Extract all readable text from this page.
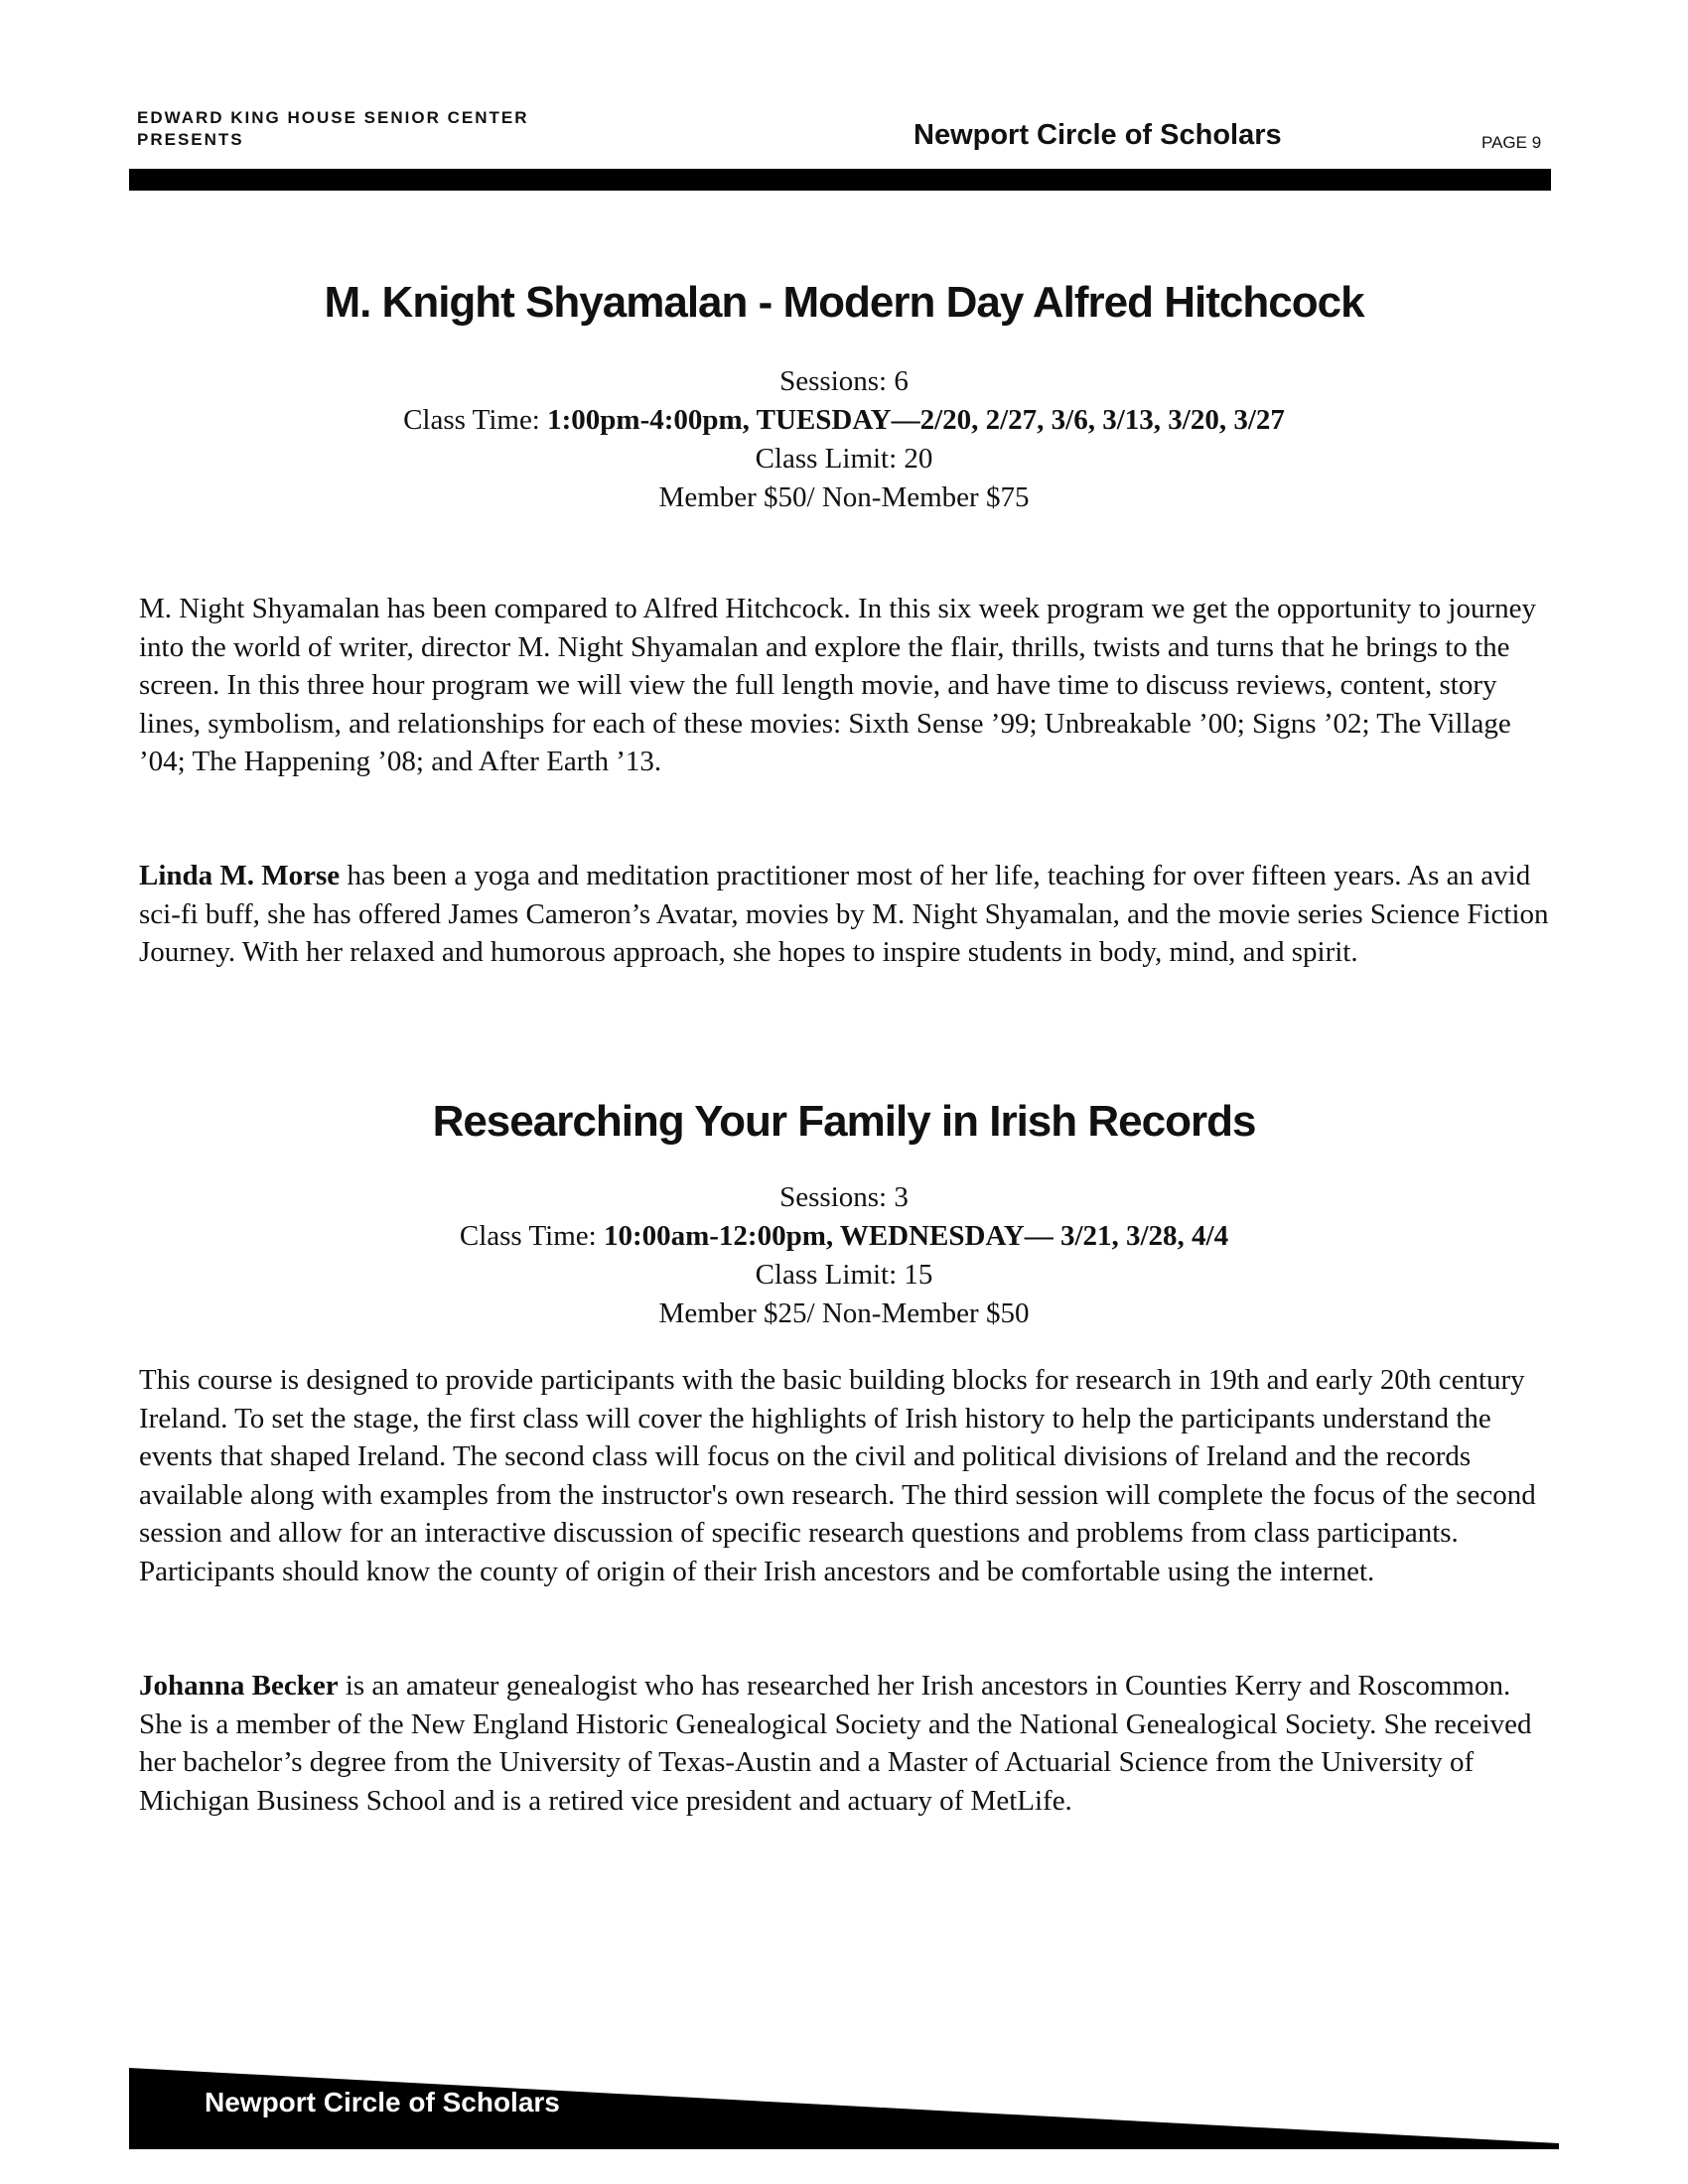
EDWARD KING HOUSE SENIOR CENTER
PRESENTS	Newport Circle of Scholars	PAGE 9
M. Knight Shyamalan - Modern Day Alfred Hitchcock
Sessions: 6
Class Time: 1:00pm-4:00pm, TUESDAY—2/20, 2/27, 3/6, 3/13, 3/20, 3/27
Class Limit: 20
Member $50/ Non-Member $75

M. Night Shyamalan has been compared to Alfred Hitchcock. In this six week program we get the opportunity to journey into the world of writer, director M. Night Shyamalan and explore the flair, thrills, twists and turns that he brings to the screen. In this three hour program we will view the full length movie, and have time to discuss reviews, content, story lines, symbolism, and relationships for each of these movies: Sixth Sense ’99; Unbreakable ’00; Signs ’02; The Village ’04; The Happening ’08; and After Earth ’13.

Linda M. Morse has been a yoga and meditation practitioner most of her life, teaching for over fifteen years. As an avid sci-fi buff, she has offered James Cameron’s Avatar, movies by M. Night Shyamalan, and the movie series Science Fiction Journey. With her relaxed and humorous approach, she hopes to inspire students in body, mind, and spirit.

Researching Your Family in Irish Records
Sessions: 3
Class Time: 10:00am-12:00pm, WEDNESDAY— 3/21, 3/28, 4/4
Class Limit: 15
Member $25/ Non-Member $50

This course is designed to provide participants with the basic building blocks for research in 19th and early 20th century Ireland. To set the stage, the first class will cover the highlights of Irish history to help the participants understand the events that shaped Ireland. The second class will focus on the civil and political divisions of Ireland and the records available along with examples from the instructor's own research. The third session will complete the focus of the second session and allow for an interactive discussion of specific research questions and problems from class participants. Participants should know the county of origin of their Irish ancestors and be comfortable using the internet.

Johanna Becker is an amateur genealogist who has researched her Irish ancestors in Counties Kerry and Roscommon. She is a member of the New England Historic Genealogical Society and the National Genealogical Society. She received her bachelor’s degree from the University of Texas-Austin and a Master of Actuarial Science from the University of Michigan Business School and is a retired vice president and actuary of MetLife.

Newport Circle of Scholars
